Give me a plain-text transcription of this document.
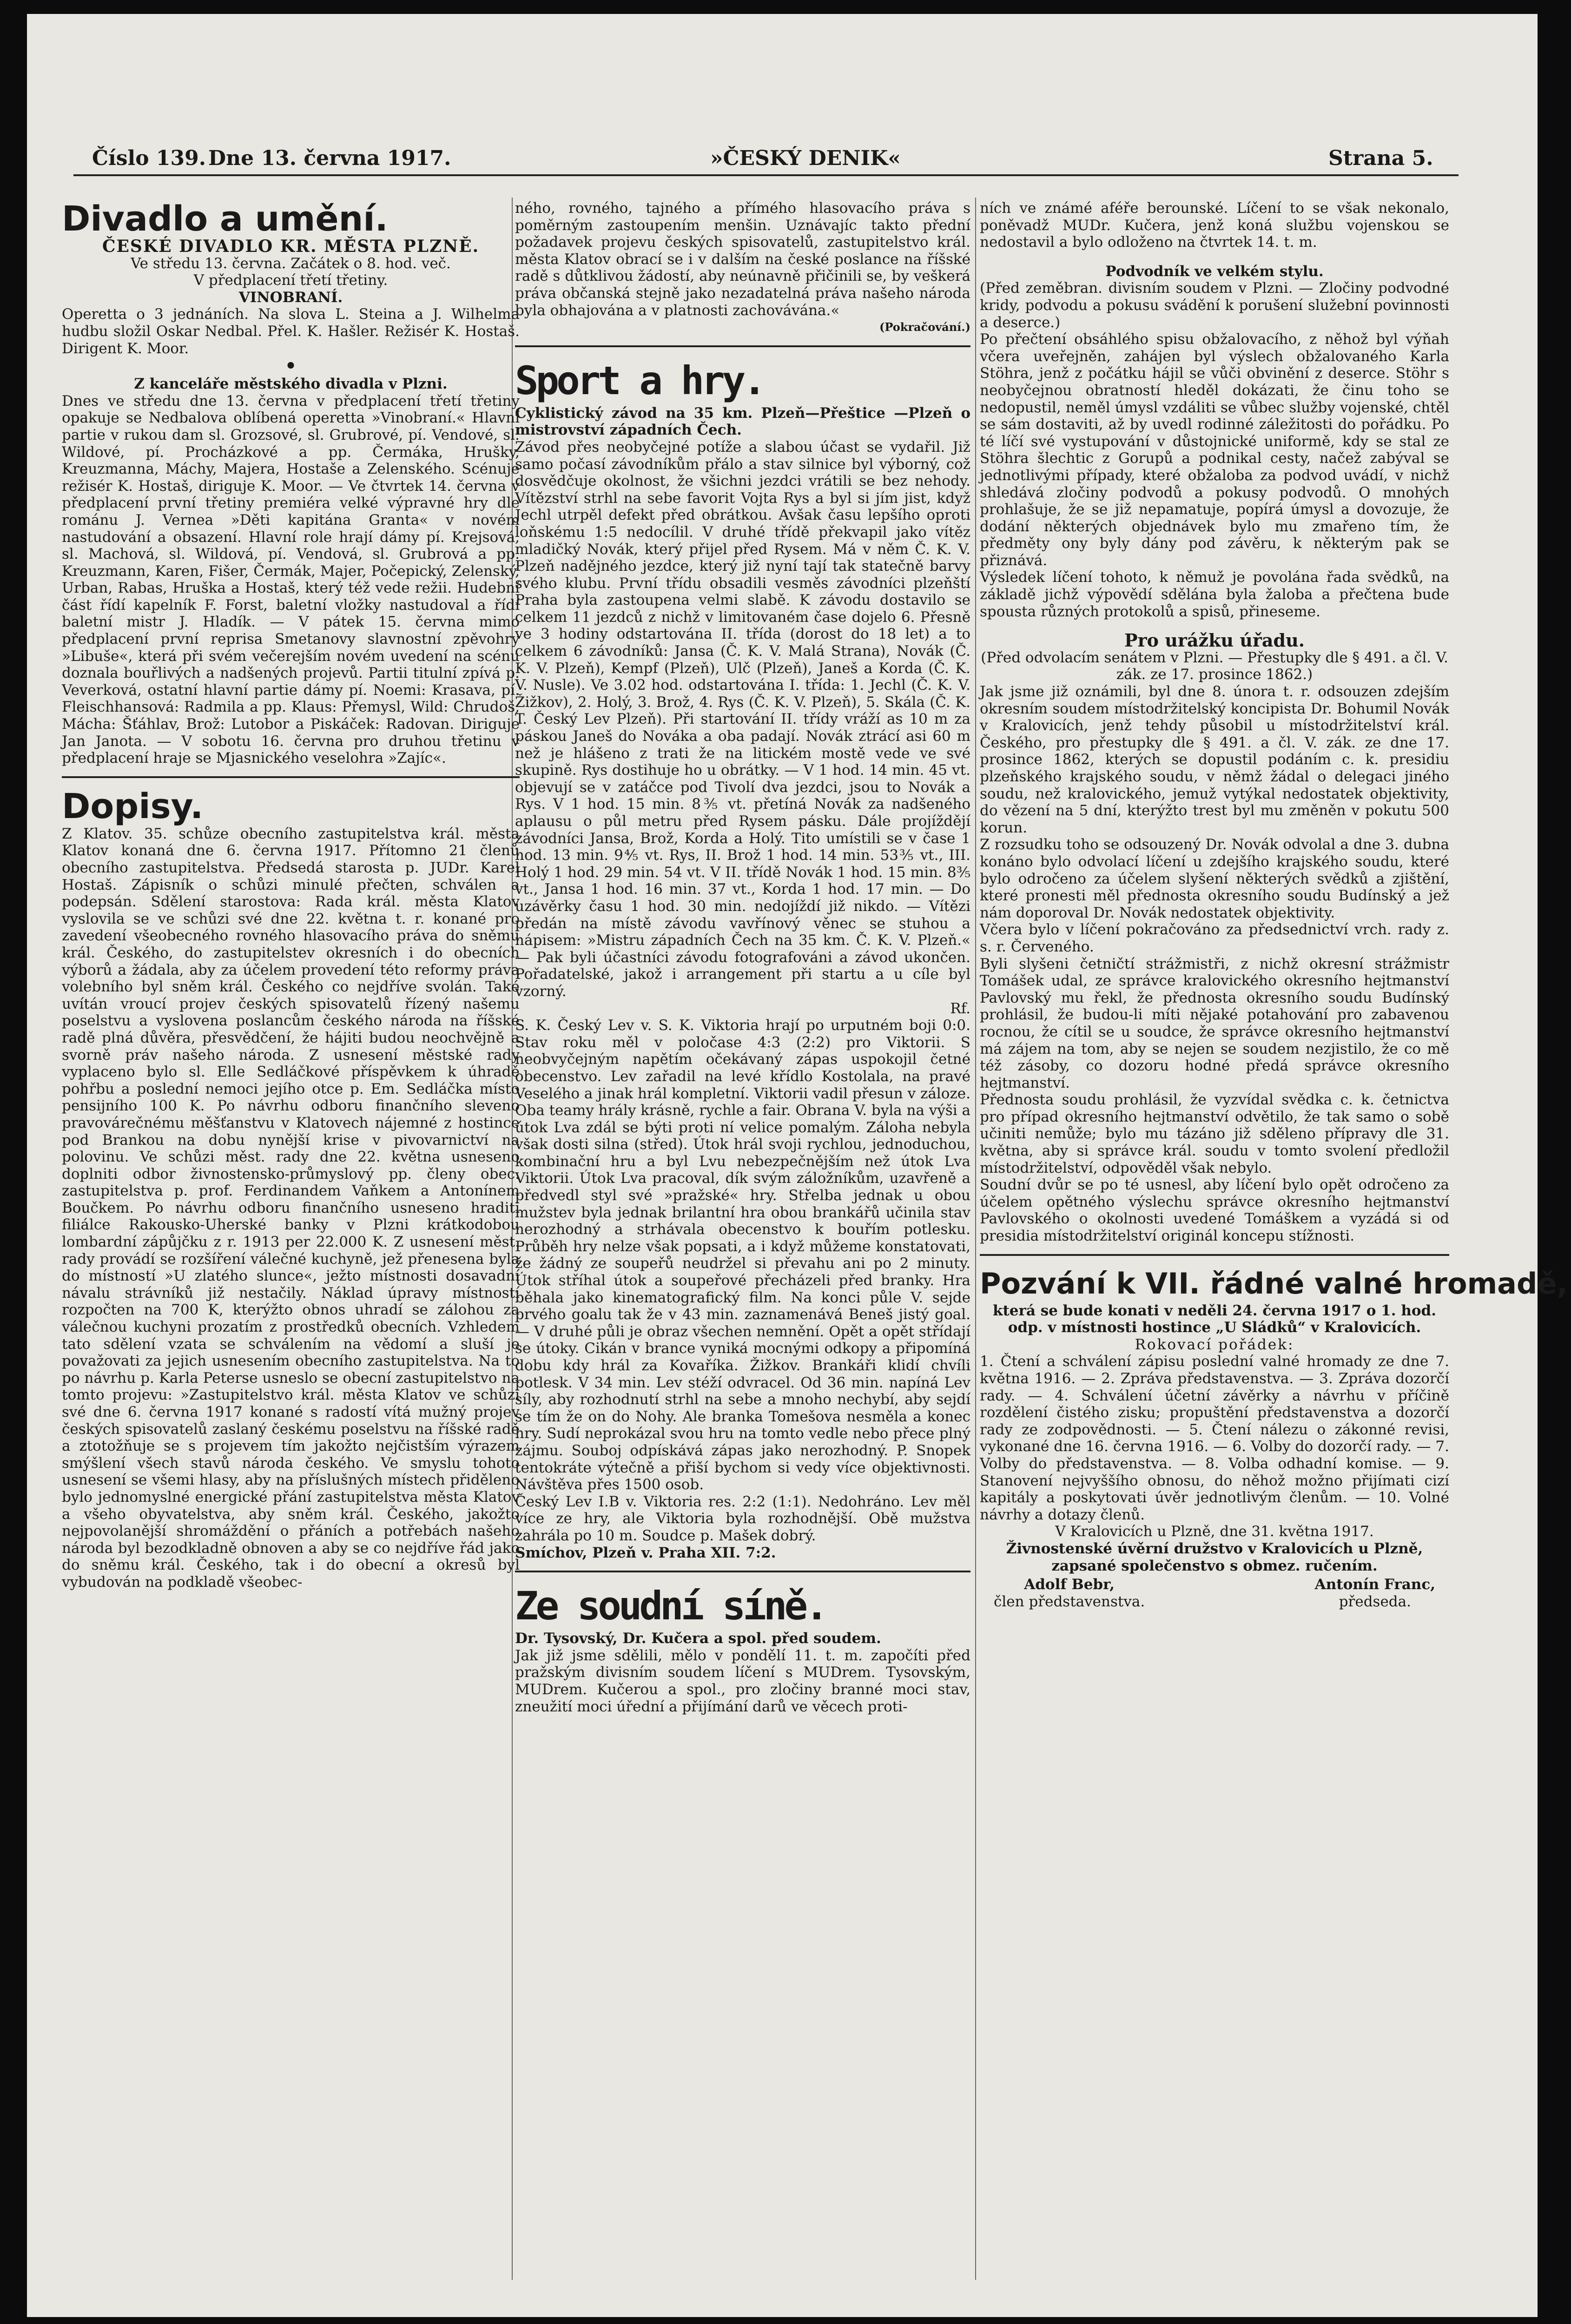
Číslo 139. Dne 13. června 1917.	»ČESKÝ DENIK«	Strana 5.
Divadlo a umění.
ČESKÉ DIVADLO KR. MĚSTA PLZNĚ.

Ve středu 13. června. Začátek o 8. hod. več.

V předplacení třetí třetiny.

VINOBRANÍ.

Operetta o 3 jednáních. Na slova L. Steina a J. Wilhelma hudbu složil Oskar Nedbal. Přel. K. Hašler. Režisér K. Hostaš. Dirigent K. Moor.

•

Z kanceláře městského divadla v Plzni.

Dnes ve středu dne 13. června v předplacení třetí třetiny opakuje se Nedbalova oblíbená operetta »Vinobraní.« Hlavní partie v rukou dam sl. Grozsové, sl. Grubrové, pí. Vendové, sl. Wildové, pí. Procházkové a pp. Čermáka, Hrušky, Kreuzmanna, Máchy, Majera, Hostaše a Zelenského. Scénuje režisér K. Hostaš, diriguje K. Moor. — Ve čtvrtek 14. června v předplacení první třetiny premiéra velké výpravné hry dle románu J. Vernea »Děti kapitána Granta« v novém nastudování a obsazení. Hlavní role hrají dámy pí. Krejsová, sl. Machová, sl. Wildová, pí. Vendová, sl. Grubrová a pp. Kreuzmann, Karen, Fišer, Čermák, Majer, Počepický, Zelenský, Urban, Rabas, Hruška a Hostaš, který též vede režii. Hudební část řídí kapelník F. Forst, baletní vložky nastudoval a řídí baletní mistr J. Hladík. — V pátek 15. června mimo předplacení první reprisa Smetanovy slavnostní zpěvohry »Libuše«, která při svém večerejším novém uvedení na scénu doznala bouřlivých a nadšených projevů. Partii titulní zpívá p. Veverková, ostatní hlavní partie dámy pí. Noemi: Krasava, pí. Fleischhansová: Radmila a pp. Klaus: Přemysl, Wild: Chrudoš, Mácha: Šťáhlav, Brož: Lutobor a Piskáček: Radovan. Diriguje Jan Janota. — V sobotu 16. června pro druhou třetinu v předplacení hraje se Mjasnického veselohra »Zajíc«.

Dopisy.

Z Klatov. 35. schůze obecního zastupitelstva král. města Klatov konaná dne 6. června 1917. Přítomno 21 členů obecního zastupitelstva. Předsedá starosta p. JUDr. Karel Hostaš. Zápisník o schůzi minulé přečten, schválen a podepsán. Sdělení starostova: Rada král. města Klatov vyslovila se ve schůzi své dne 22. května t. r. konané pro zavedení všeobecného rovného hlasovacího práva do sněmu král. Českého, do zastupitelstev okresních i do obecních výborů a žádala, aby za účelem provedení této reformy práva volebního byl sněm král. Českého co nejdříve svolán. Také uvítán vroucí projev českých spisovatelů řízený našemu poselstvu a vyslovena poslancům českého národa na říšské radě plná důvěra, přesvědčení, že hájiti budou neochvějně a svorně práv našeho národa. Z usnesení městské rady vyplaceno bylo sl. Elle Sedláčkové příspěvkem k úhradě pohřbu a poslední nemoci jejího otce p. Em. Sedláčka místo pensijního 100 K. Po návrhu odboru finančního sleveno pravovárečnému měšťanstvu v Klatovech nájemné z hostince pod Brankou na dobu nynější krise v pivovarnictví na polovinu. Ve schůzi měst. rady dne 22. května usneseno doplniti odbor živnostensko-průmyslový pp. členy obec. zastupitelstva p. prof. Ferdinandem Vaňkem a Antonínem Boučkem. Po návrhu odboru finančního usneseno hraditi filiálce Rakousko-Uherské banky v Plzni krátkodobou lombardní zápůjčku z r. 1913 per 22.000 K. Z usnesení měst. rady provádí se rozšíření válečné kuchyně, jež přenesena byla do místností »U zlatého slunce«, ježto místnosti dosavadní návalu strávníků již nestačily. Náklad úpravy místností rozpočten na 700 K, kterýžto obnos uhradí se zálohou za válečnou kuchyni prozatím z prostředků obecních. Vzhledem tato sdělení vzata se schválením na vědomí a sluší je považovati za jejich usnesením obecního zastupitelstva. Na to po návrhu p. Karla Peterse usneslo se obecní zastupitelstvo na tomto projevu: »Zastupitelstvo král. města Klatov ve schůzi své dne 6. června 1917 konané s radostí vítá mužný projev českých spisovatelů zaslaný českému poselstvu na říšské radě a ztotožňuje se s projevem tím jakožto nejčistším výrazem smýšlení všech stavů národa českého. Ve smyslu tohoto usnesení se všemi hlasy, aby na příslušných místech přiděleno bylo jednomyslné energické přání zastupitelstva města Klatov a všeho obyvatelstva, aby sněm král. Českého, jakožto nejpovolanější shromáždění o přáních a potřebách našeho národa byl bezodkladně obnoven a aby se co nejdříve řád jako do sněmu král. Českého, tak i do obecní a okresů byl vybudován na podkladě všeobec-

ného, rovného, tajného a přímého hlasovacího práva s poměrným zastoupením menšin. Uznávajíc takto přední požadavek projevu českých spisovatelů, zastupitelstvo král. města Klatov obrací se i v dalším na české poslance na říšské radě s důtklivou žádostí, aby neúnavně přičinili se, by veškerá práva občanská stejně jako nezadatelná práva našeho národa byla obhajována a v platnosti zachovávána.«

(Pokračování.)

Sport a hry.

Cyklistický závod na 35 km. Plzeň—Přeštice —Plzeň o mistrovství západních Čech.

Závod přes neobyčejné potíže a slabou účast se vydařil. Již samo počasí závodníkům přálo a stav silnice byl výborný, což dosvědčuje okolnost, že všichni jezdci vrátili se bez nehody. Vítězství strhl na sebe favorit Vojta Rys a byl si jím jist, když Jechl utrpěl defekt před obrátkou. Avšak času lepšího oproti loňskému 1:5 nedocílil. V druhé třídě překvapil jako vítěz mladičký Novák, který přijel před Rysem. Má v něm Č. K. V. Plzeň nadějného jezdce, který již nyní tají tak statečně barvy svého klubu. První třídu obsadili vesměs závodníci plzeňští Praha byla zastoupena velmi slabě. K závodu dostavilo se celkem 11 jezdců z nichž v limitovaném čase dojelo 6. Přesně ve 3 hodiny odstartována II. třída (dorost do 18 let) a to celkem 6 závodníků: Jansa (Č. K. V. Malá Strana), Novák (Č. K. V. Plzeň), Kempf (Plzeň), Ulč (Plzeň), Janeš a Korda (Č. K. V. Nusle). Ve 3.02 hod. odstartována I. třída: 1. Jechl (Č. K. V. Žižkov), 2. Holý, 3. Brož, 4. Rys (Č. K. V. Plzeň), 5. Skála (Č. K. T. Český Lev Plzeň). Při startování II. třídy vráží as 10 m za páskou Janeš do Nováka a oba padají. Novák ztrácí asi 60 m než je hlášeno z trati že na litickém mostě vede ve své skupině. Rys dostihuje ho u obrátky. — V 1 hod. 14 min. 45 vt. objevují se v zatáčce pod Tivolí dva jezdci, jsou to Novák a Rys. V 1 hod. 15 min. 8⅗ vt. přetíná Novák za nadšeného aplausu o půl metru před Rysem pásku. Dále projíždějí závodníci Jansa, Brož, Korda a Holý. Tito umístili se v čase 1 hod. 13 min. 9⅘ vt. Rys, II. Brož 1 hod. 14 min. 53⅗ vt., III. Holý 1 hod. 29 min. 54 vt. V II. třídě Novák 1 hod. 15 min. 8⅗ vt., Jansa 1 hod. 16 min. 37 vt., Korda 1 hod. 17 min. — Do uzávěrky času 1 hod. 30 min. nedojíždí již nikdo. — Vítězi předán na místě závodu vavřínový věnec se stuhou a nápisem: »Mistru západních Čech na 35 km. Č. K. V. Plzeň.« — Pak byli účastníci závodu fotografováni a závod ukončen. Pořadatelské, jakož i arrangement při startu a u cíle byl vzorný.

Rf.

S. K. Český Lev v. S. K. Viktoria hrají po urputném boji 0:0. Stav roku měl v poločase 4:3 (2:2) pro Viktorii. S neobvyčejným napětím očekávaný zápas uspokojil četné obecenstvo. Lev zařadil na levé křídlo Kostolala, na pravé Veselého a jinak hrál kompletní. Viktorii vadil přesun v záloze. Oba teamy hrály krásně, rychle a fair. Obrana V. byla na výši a útok Lva zdál se býti proti ní velice pomalým. Záloha nebyla však dosti silna (střed). Útok hrál svoji rychlou, jednoduchou, kombinační hru a byl Lvu nebezpečnějším než útok Lva Viktorii. Útok Lva pracoval, dík svým záložníkům, uzavřeně a předvedl styl své »pražské« hry. Střelba jednak u obou mužstev byla jednak brilantní hra obou brankářů učinila stav nerozhodný a strhávala obecenstvo k bouřím potlesku. Průběh hry nelze však popsati, a i když můžeme konstatovati, že žádný ze soupeřů neudržel si převahu ani po 2 minuty. Útok stříhal útok a soupeřové přecházeli před branky. Hra běhala jako kinematografický film. Na konci půle V. sejde prvého goalu tak že v 43 min. zaznamenává Beneš jistý goal. — V druhé půli je obraz všechen nemnění. Opět a opět střídají se útoky. Cikán v brance vyniká mocnými odkopy a připomíná dobu kdy hrál za Kovaříka. Žižkov. Brankáři klidí chvíli potlesk. V 34 min. Lev stéží odvracel. Od 36 min. napíná Lev síly, aby rozhodnutí strhl na sebe a mnoho nechybí, aby sejdí se tím že on do Nohy. Ale branka Tomešova nesměla a konec hry. Sudí neprokázal svou hru na tomto vedle nebo přece plný zájmu. Souboj odpískává zápas jako nerozhodný. P. Snopek tentokráte výtečně a přiší bychom si vedy více objektivnosti. Návštěva přes 1500 osob.

Český Lev I.B v. Viktoria res. 2:2 (1:1). Nedohráno. Lev měl více ze hry, ale Viktoria byla rozhodnější. Obě mužstva zahrála po 10 m. Soudce p. Mašek dobrý.

Smíchov, Plzeň v. Praha XII. 7:2.

Ze soudní síně.

Dr. Tysovský, Dr. Kučera a spol. před soudem.

Jak již jsme sdělili, mělo v pondělí 11. t. m. započíti před pražským divisním soudem líčení s MUDrem. Tysovským, MUDrem. Kučerou a spol., pro zločiny branné moci stav, zneužití moci úřední a přijímání darů ve věcech proti-

ních ve známé aféře berounské. Líčení to se však nekonalo, poněvadž MUDr. Kučera, jenž koná službu vojenskou se nedostavil a bylo odloženo na čtvrtek 14. t. m.

Podvodník ve velkém stylu.

(Před zeměbran. divisním soudem v Plzni. — Zločiny podvodné kridy, podvodu a pokusu svádění k porušení služební povinnosti a deserce.)

Po přečtení obsáhlého spisu obžalovacího, z něhož byl výňah včera uveřejněn, zahájen byl výslech obžalovaného Karla Stöhra, jenž z počátku hájil se vůči obvinění z deserce. Stöhr s neobyčejnou obratností hleděl dokázati, že činu toho se nedopustil, neměl úmysl vzdáliti se vůbec služby vojenské, chtěl se sám dostaviti, až by uvedl rodinné záležitosti do pořádku. Po té líčí své vystupování v důstojnické uniformě, kdy se stal ze Stöhra šlechtic z Gorupů a podnikal cesty, načež zabýval se jednotlivými případy, které obžaloba za podvod uvádí, v nichž shledává zločiny podvodů a pokusy podvodů. O mnohých prohlašuje, že se již nepamatuje, popírá úmysl a dovozuje, že dodání některých objednávek bylo mu zmařeno tím, že předměty ony byly dány pod závěru, k některým pak se přiznává.

Výsledek líčení tohoto, k němuž je povolána řada svědků, na základě jichž výpovědí sdělána byla žaloba a přečtena bude spousta různých protokolů a spisů, přineseme.

Pro urážku úřadu.

(Před odvolacím senátem v Plzni. — Přestupky dle § 491. a čl. V. zák. ze 17. prosince 1862.)

Jak jsme již oznámili, byl dne 8. února t. r. odsouzen zdejším okresním soudem místodržitelský koncipista Dr. Bohumil Novák v Kralovicích, jenž tehdy působil u místodržitelství král. Českého, pro přestupky dle § 491. a čl. V. zák. ze dne 17. prosince 1862, kterých se dopustil podáním c. k. presidiu plzeňského krajského soudu, v němž žádal o delegaci jiného soudu, než kralovického, jemuž vytýkal nedostatek objektivity, do vězení na 5 dní, kterýžto trest byl mu změněn v pokutu 500 korun.

Z rozsudku toho se odsouzený Dr. Novák odvolal a dne 3. dubna konáno bylo odvolací líčení u zdejšího krajského soudu, které bylo odročeno za účelem slyšení některých svědků a zjištění, které pronesti měl přednosta okresního soudu Budínský a jež nám doporoval Dr. Novák nedostatek objektivity.

Včera bylo v líčení pokračováno za předsednictví vrch. rady z. s. r. Červeného.

Byli slyšeni četničtí strážmistři, z nichž okresní strážmistr Tomášek udal, ze správce kralovického okresního hejtmanství Pavlovský mu řekl, že přednosta okresního soudu Budínský prohlásil, že budou-li míti nějaké potahování pro zabavenou rocnou, že cítil se u soudce, že správce okresního hejtmanství má zájem na tom, aby se nejen se soudem nezjistilo, že co mě též zásoby, co dozoru hodné předá správce okresního hejtmanství.

Přednosta soudu prohlásil, že vyzvídal svědka c. k. četnictva pro případ okresního hejtmanství odvětilo, že tak samo o sobě učiniti nemůže; bylo mu tázáno již sděleno přípravy dle 31. května, aby si správce král. soudu v tomto svolení předložil místodržitelství, odpověděl však nebylo.

Soudní dvůr se po té usnesl, aby líčení bylo opět odročeno za účelem opětného výslechu správce okresního hejtmanství Pavlovského o okolnosti uvedené Tomáškem a vyzádá si od presidia místodržitelství originál koncepu stížnosti.

Pozvání k VII. řádné valné hromadě,

která se bude konati v neděli 24. června 1917 o 1. hod. odp. v místnosti hostince „U Sládků“ v Kralovicích.

Rokovací pořádek:

1. Čtení a schválení zápisu poslední valné hromady ze dne 7. května 1916. — 2. Zpráva představenstva. — 3. Zpráva dozorčí rady. — 4. Schválení účetní závěrky a návrhu v příčině rozdělení čistého zisku; propuštění představenstva a dozorčí rady ze zodpovědnosti. — 5. Čtení nálezu o zákonné revisi, vykonané dne 16. června 1916. — 6. Volby do dozorčí rady. — 7. Volby do představenstva. — 8. Volba odhadní komise. — 9. Stanovení nejvyššího obnosu, do něhož možno přijímati cizí kapitály a poskytovati úvěr jednotlivým členům. — 10. Volné návrhy a dotazy členů.

V Kralovicích u Plzně, dne 31. května 1917.

Živnostenské úvěrní družstvo v Kralovicích u Plzně, zapsané společenstvo s obmez. ručením.

Adolf Bebr,
člen představenstva.
Antonín Franc,
předseda.
